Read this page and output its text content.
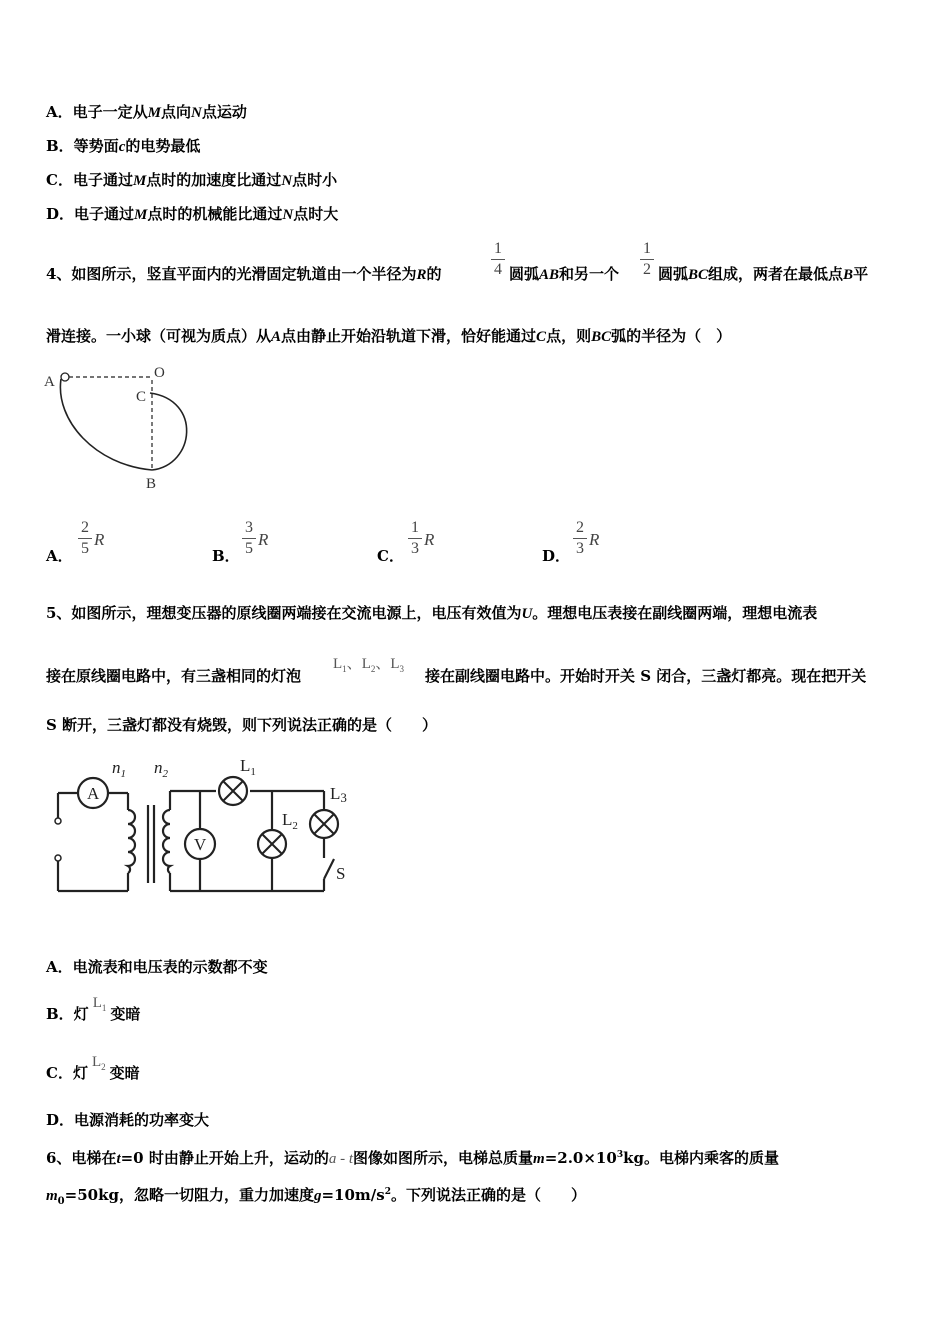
A．电子一定从M点向N点运动
B．等势面c的电势最低
C．电子通过M点时的加速度比通过N点时小
D．电子通过M点时的机械能比通过N点时大
4、如图所示，竖直平面内的光滑固定轨道由一个半径为R的
1
4 圆弧AB和另一个
1
2 圆弧BC组成，两者在最低点B平
滑连接。一小球（可视为质点）从A点由静止开始沿轨道下滑，恰好能通过C点，则BC弧的半径为（　）
A
O
C
B
A．
2
5 R
B．
3
5 R
C．
1
3 R
D．
2
3 R
5、如图所示，理想变压器的原线圈两端接在交流电源上，电压有效值为U。理想电压表接在副线圈两端，理想电流表
接在原线圈电路中，有三盏相同的灯泡
$L_1$、$L_2$、$L_3$ 接在副线圈电路中。开始时开关 S 闭合，三盏灯都亮。现在把开关
S 断开，三盏灯都没有烧毁，则下列说法正确的是（　　）
A
V
$n_1$ $n_2$	$L_1$
$L_2$
L3
S
A．电流表和电压表的示数都不变
B．灯$L_1$ 变暗
C．灯$L_2$ 变暗
D．电源消耗的功率变大
6、电梯在t=0 时由静止开始上升，运动的a - t图像如图所示，电梯总质量$m=2.0\times 10^3kg$。电梯内乘客的质量
$m_0=50kg$，忽略一切阻力，重力加速度$g=10m/s^2$。下列说法正确的是（　　）
